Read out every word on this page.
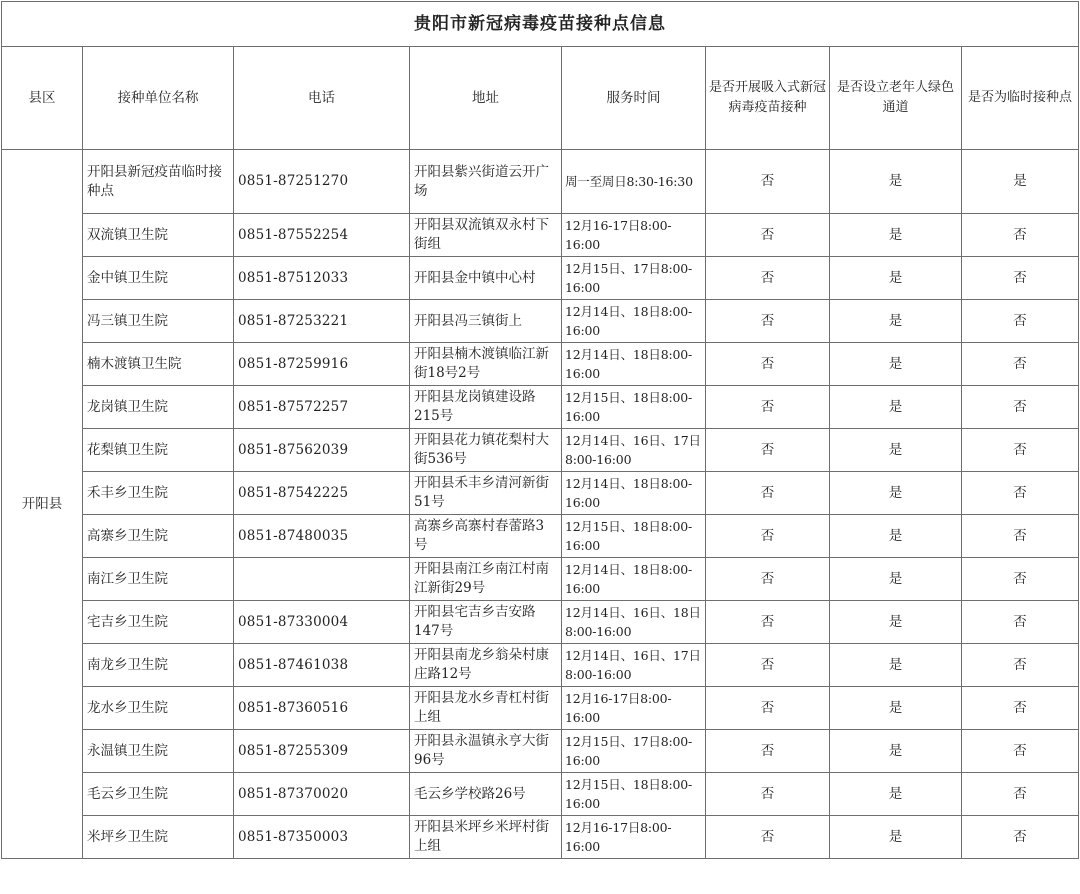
贵阳市新冠病毒疫苗接种点信息							
县区	接种单位名称	电话	地址	服务时间	是否开展吸入式新冠病毒疫苗接种	是否设立老年人绿色通道	是否为临时接种点
开阳县	开阳县新冠疫苗临时接种点	0851-87251270	开阳县紫兴街道云开广场	周一至周日8:30-16:30	否	是	是
	双流镇卫生院	0851-87552254	开阳县双流镇双永村下街组	12月16-17日8:00-16:00	否	是	否
	金中镇卫生院	0851-87512033	开阳县金中镇中心村	12月15日、17日8:00-16:00	否	是	否
	冯三镇卫生院	0851-87253221	开阳县冯三镇街上	12月14日、18日8:00-16:00	否	是	否
	楠木渡镇卫生院	0851-87259916	开阳县楠木渡镇临江新街18号2号	12月14日、18日8:00-16:00	否	是	否
	龙岗镇卫生院	0851-87572257	开阳县龙岗镇建设路215号	12月15日、18日8:00-16:00	否	是	否
	花梨镇卫生院	0851-87562039	开阳县花力镇花梨村大街536号	12月14日、16日、17日8:00-16:00	否	是	否
	禾丰乡卫生院	0851-87542225	开阳县禾丰乡清河新街51号	12月14日、18日8:00-16:00	否	是	否
	高寨乡卫生院	0851-87480035	高寨乡高寨村春蕾路3号	12月15日、18日8:00-16:00	否	是	否
	南江乡卫生院		开阳县南江乡南江村南江新街29号	12月14日、18日8:00-16:00	否	是	否
	宅吉乡卫生院	0851-87330004	开阳县宅吉乡吉安路147号	12月14日、16日、18日8:00-16:00	否	是	否
	南龙乡卫生院	0851-87461038	开阳县南龙乡翁朵村康庄路12号	12月14日、16日、17日8:00-16:00	否	是	否
	龙水乡卫生院	0851-87360516	开阳县龙水乡青杠村街上组	12月16-17日8:00-16:00	否	是	否
	永温镇卫生院	0851-87255309	开阳县永温镇永亨大街96号	12月15日、17日8:00-16:00	否	是	否
	毛云乡卫生院	0851-87370020	毛云乡学校路26号	12月15日、18日8:00-16:00	否	是	否
	米坪乡卫生院	0851-87350003	开阳县米坪乡米坪村街上组	12月16-17日8:00-16:00	否	是	否
